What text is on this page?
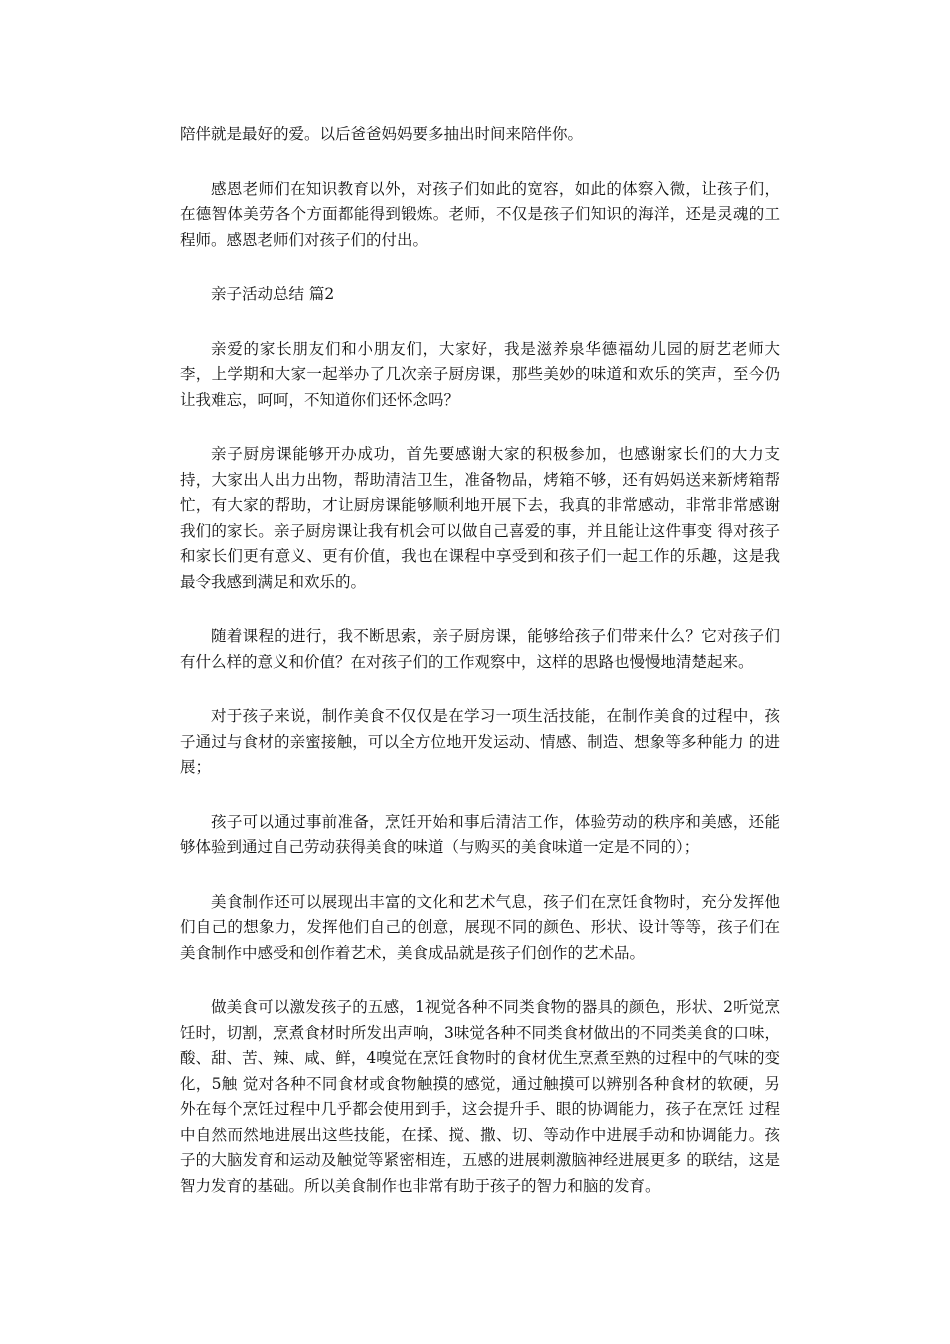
陪伴就是最好的爱。以后爸爸妈妈要多抽出时间来陪伴你。

感恩老师们在知识教育以外，对孩子们如此的宽容，如此的体察入微，让孩子们，在德智体美劳各个方面都能得到锻炼。老师，不仅是孩子们知识的海洋，还是灵魂的工程师。感恩老师们对孩子们的付出。

亲子活动总结 篇2

亲爱的家长朋友们和小朋友们，大家好，我是滋养泉华德福幼儿园的厨艺老师大李，上学期和大家一起举办了几次亲子厨房课，那些美妙的味道和欢乐的笑声，至今仍让我难忘，呵呵，不知道你们还怀念吗？

亲子厨房课能够开办成功，首先要感谢大家的积极参加，也感谢家长们的大力支持，大家出人出力出物，帮助清洁卫生，准备物品，烤箱不够，还有妈妈送来新烤箱帮 忙，有大家的帮助，才让厨房课能够顺利地开展下去，我真的非常感动，非常非常感谢我们的家长。亲子厨房课让我有机会可以做自己喜爱的事，并且能让这件事变 得对孩子和家长们更有意义、更有价值，我也在课程中享受到和孩子们一起工作的乐趣，这是我最令我感到满足和欢乐的。

随着课程的进行，我不断思索，亲子厨房课，能够给孩子们带来什么？它对孩子们有什么样的意义和价值？在对孩子们的工作观察中，这样的思路也慢慢地清楚起来。

对于孩子来说，制作美食不仅仅是在学习一项生活技能，在制作美食的过程中，孩子通过与食材的亲蜜接触，可以全方位地开发运动、情感、制造、想象等多种能力 的进展；

孩子可以通过事前准备，烹饪开始和事后清洁工作，体验劳动的秩序和美感，还能够体验到通过自己劳动获得美食的味道（与购买的美食味道一定是不同的）；

美食制作还可以展现出丰富的文化和艺术气息，孩子们在烹饪食物时，充分发挥他们自己的想象力，发挥他们自己的创意，展现不同的颜色、形状、设计等等，孩子们在美食制作中感受和创作着艺术，美食成品就是孩子们创作的艺术品。

做美食可以激发孩子的五感，1视觉各种不同类食物的器具的颜色，形状、2听觉烹饪时，切割，烹煮食材时所发出声响，3味觉各种不同类食材做出的不同类美食的口味，酸、甜、苦、辣、咸、鲜，4嗅觉在烹饪食物时的食材优生烹煮至熟的过程中的气味的变化，5触 觉对各种不同食材或食物触摸的感觉，通过触摸可以辨别各种食材的软硬，另外在每个烹饪过程中几乎都会使用到手，这会提升手、眼的协调能力，孩子在烹饪 过程中自然而然地进展出这些技能，在揉、搅、撒、切、等动作中进展手动和协调能力。孩子的大脑发育和运动及触觉等紧密相连，五感的进展刺激脑神经进展更多 的联结，这是智力发育的基础。所以美食制作也非常有助于孩子的智力和脑的发育。
